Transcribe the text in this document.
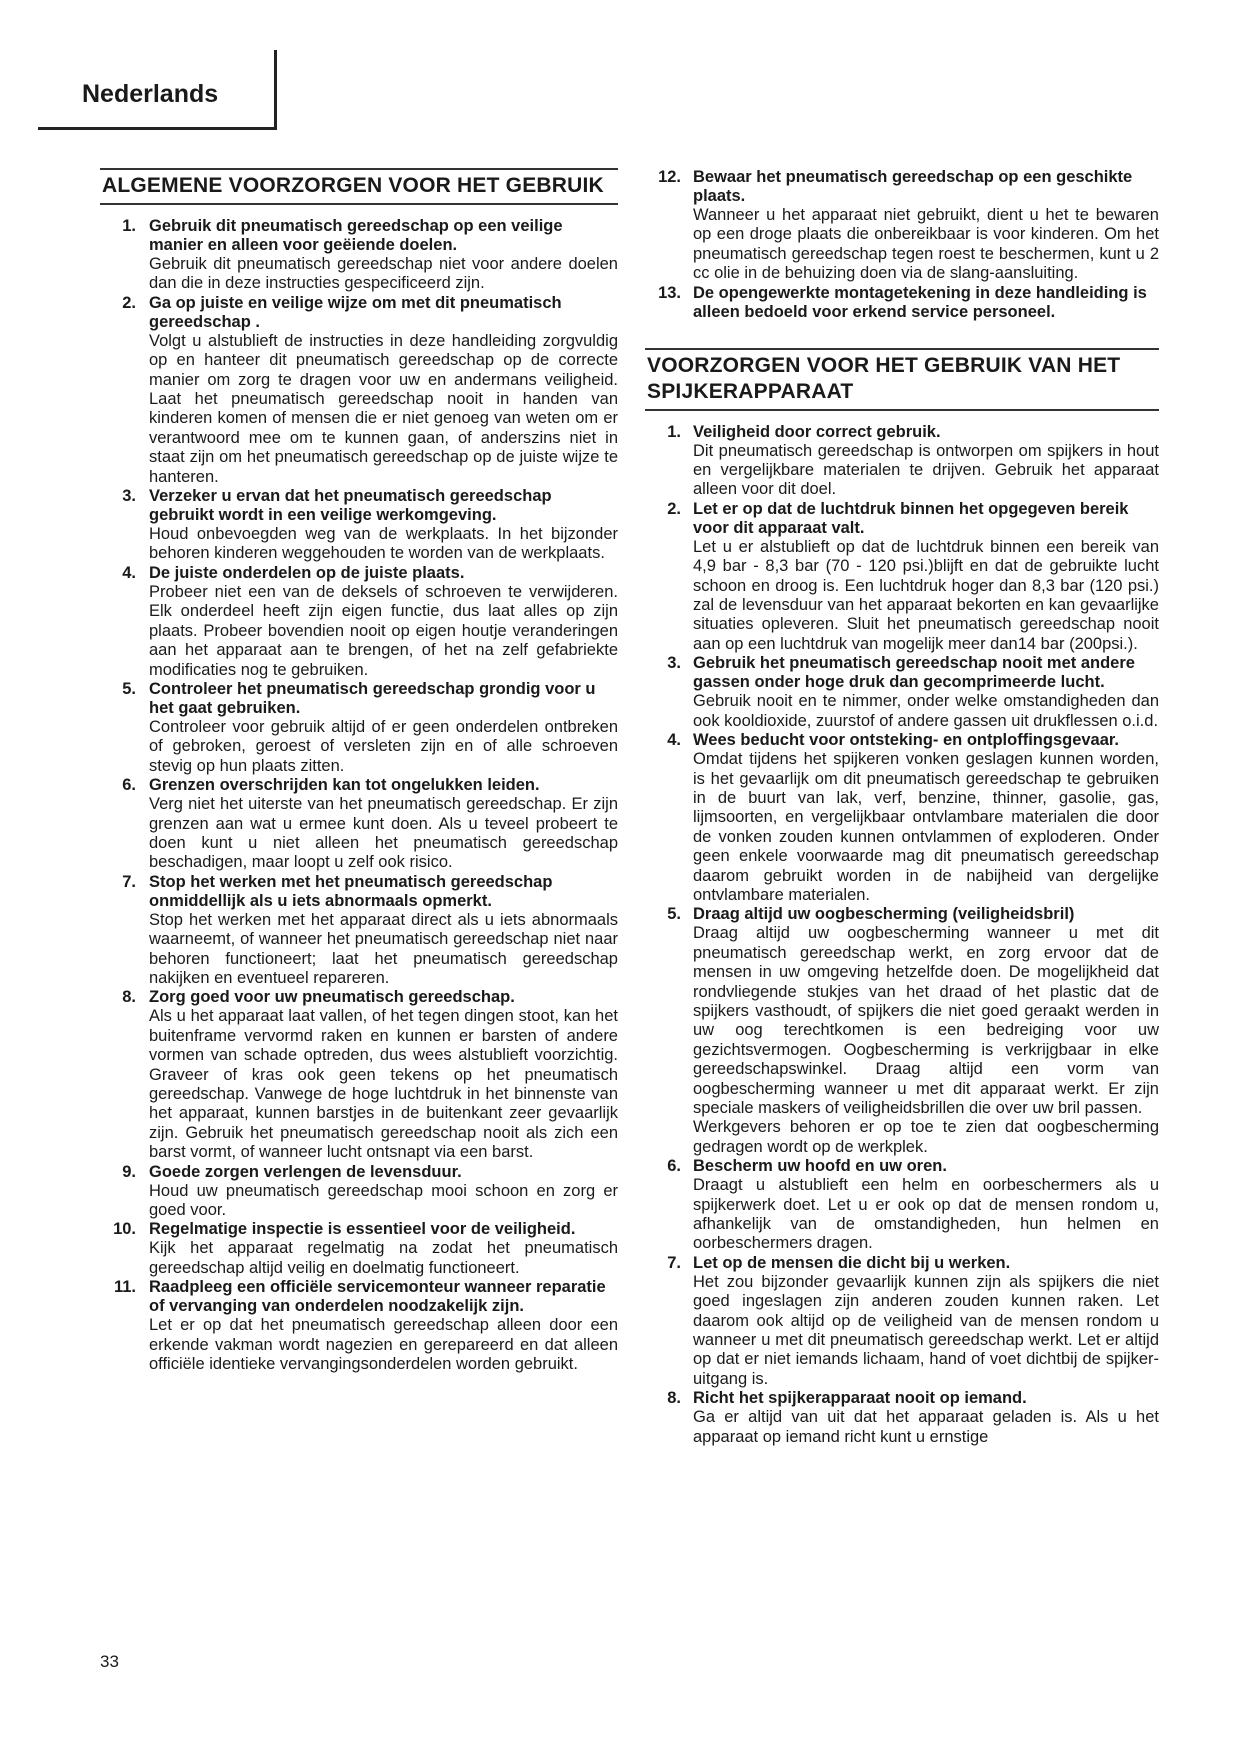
Nederlands
ALGEMENE VOORZORGEN VOOR HET GEBRUIK
1. Gebruik dit pneumatisch gereedschap op een veilige manier en alleen voor geëiende doelen.
Gebruik dit pneumatisch gereedschap niet voor andere doelen dan die in deze instructies gespecificeerd zijn.
2. Ga op juiste en veilige wijze om met dit pneumatisch gereedschap .
Volgt u alstublieft de instructies in deze handleiding zorgvuldig op en hanteer dit pneumatisch gereedschap op de correcte manier om zorg te dragen voor uw en andermans veiligheid. Laat het pneumatisch gereedschap nooit in handen van kinderen komen of mensen die er niet genoeg van weten om er verantwoord mee om te kunnen gaan, of anderszins niet in staat zijn om het pneumatisch gereedschap op de juiste wijze te hanteren.
3. Verzeker u ervan dat het pneumatisch gereedschap gebruikt wordt in een veilige werkomgeving.
Houd onbevoegden weg van de werkplaats. In het bijzonder behoren kinderen weggehouden te worden van de werkplaats.
4. De juiste onderdelen op de juiste plaats.
Probeer niet een van de deksels of schroeven te verwijderen. Elk onderdeel heeft zijn eigen functie, dus laat alles op zijn plaats. Probeer bovendien nooit op eigen houtje veranderingen aan het apparaat aan te brengen, of het na zelf gefabriekte modificaties nog te gebruiken.
5. Controleer het pneumatisch gereedschap grondig voor u het gaat gebruiken.
Controleer voor gebruik altijd of er geen onderdelen ontbreken of gebroken, geroest of versleten zijn en of alle schroeven stevig op hun plaats zitten.
6. Grenzen overschrijden kan tot ongelukken leiden.
Verg niet het uiterste van het pneumatisch gereedschap. Er zijn grenzen aan wat u ermee kunt doen. Als u teveel probeert te doen kunt u niet alleen het pneumatisch gereedschap beschadigen, maar loopt u zelf ook risico.
7. Stop het werken met het pneumatisch gereedschap onmiddellijk als u iets abnormaals opmerkt.
Stop het werken met het apparaat direct als u iets abnormaals waarneemt, of wanneer het pneumatisch gereedschap niet naar behoren functioneert; laat het pneumatisch gereedschap nakijken en eventueel repareren.
8. Zorg goed voor uw pneumatisch gereedschap.
Als u het apparaat laat vallen, of het tegen dingen stoot, kan het buitenframe vervormd raken en kunnen er barsten of andere vormen van schade optreden, dus wees alstublieft voorzichtig. Graveer of kras ook geen tekens op het pneumatisch gereedschap. Vanwege de hoge luchtdruk in het binnenste van het apparaat, kunnen barstjes in de buitenkant zeer gevaarlijk zijn. Gebruik het pneumatisch gereedschap nooit als zich een barst vormt, of wanneer lucht ontsnapt via een barst.
9. Goede zorgen verlengen de levensduur.
Houd uw pneumatisch gereedschap mooi schoon en zorg er goed voor.
10. Regelmatige inspectie is essentieel voor de veiligheid.
Kijk het apparaat regelmatig na zodat het pneumatisch gereedschap altijd veilig en doelmatig functioneert.
11. Raadpleeg een officiële servicemonteur wanneer reparatie of vervanging van onderdelen noodzakelijk zijn.
Let er op dat het pneumatisch gereedschap alleen door een erkende vakman wordt nagezien en gerepareerd en dat alleen officiële identieke vervangingsonderdelen worden gebruikt.
12. Bewaar het pneumatisch gereedschap op een geschikte plaats.
Wanneer u het apparaat niet gebruikt, dient u het te bewaren op een droge plaats die onbereikbaar is voor kinderen. Om het pneumatisch gereedschap tegen roest te beschermen, kunt u 2 cc olie in de behuizing doen via de slang-aansluiting.
13. De opengewerkte montagetekening in deze handleiding is alleen bedoeld voor erkend service personeel.
VOORZORGEN VOOR HET GEBRUIK VAN HET SPIJKERAPPARAAT
1. Veiligheid door correct gebruik.
Dit pneumatisch gereedschap is ontworpen om spijkers in hout en vergelijkbare materialen te drijven. Gebruik het apparaat alleen voor dit doel.
2. Let er op dat de luchtdruk binnen het opgegeven bereik voor dit apparaat valt.
Let u er alstublieft op dat de luchtdruk binnen een bereik van 4,9 bar - 8,3 bar (70 - 120 psi.)blijft en dat de gebruikte lucht schoon en droog is. Een luchtdruk hoger dan 8,3 bar (120 psi.) zal de levensduur van het apparaat bekorten en kan gevaarlijke situaties opleveren. Sluit het pneumatisch gereedschap nooit aan op een luchtdruk van mogelijk meer dan14 bar (200psi.).
3. Gebruik het pneumatisch gereedschap nooit met andere gassen onder hoge druk dan gecomprimeerde lucht.
Gebruik nooit en te nimmer, onder welke omstandigheden dan ook kooldioxide, zuurstof of andere gassen uit drukflessen o.i.d.
4. Wees beducht voor ontsteking- en ontploffingsgevaar.
Omdat tijdens het spijkeren vonken geslagen kunnen worden, is het gevaarlijk om dit pneumatisch gereedschap te gebruiken in de buurt van lak, verf, benzine, thinner, gasolie, gas, lijmsoorten, en vergelijkbaar ontvlambare materialen die door de vonken zouden kunnen ontvlammen of exploderen. Onder geen enkele voorwaarde mag dit pneumatisch gereedschap daarom gebruikt worden in de nabijheid van dergelijke ontvlambare materialen.
5. Draag altijd uw oogbescherming (veiligheidsbril)
Draag altijd uw oogbescherming wanneer u met dit pneumatisch gereedschap werkt, en zorg ervoor dat de mensen in uw omgeving hetzelfde doen. De mogelijkheid dat rondvliegende stukjes van het draad of het plastic dat de spijkers vasthoudt, of spijkers die niet goed geraakt werden in uw oog terechtkomen is een bedreiging voor uw gezichtsvermogen. Oogbescherming is verkrijgbaar in elke gereedschapswinkel. Draag altijd een vorm van oogbescherming wanneer u met dit apparaat werkt. Er zijn speciale maskers of veiligheidsbrillen die over uw bril passen.
Werkgevers behoren er op toe te zien dat oogbescherming gedragen wordt op de werkplek.
6. Bescherm uw hoofd en uw oren.
Draagt u alstublieft een helm en oorbeschermers als u spijkerwerk doet. Let u er ook op dat de mensen rondom u, afhankelijk van de omstandigheden, hun helmen en oorbeschermers dragen.
7. Let op de mensen die dicht bij u werken.
Het zou bijzonder gevaarlijk kunnen zijn als spijkers die niet goed ingeslagen zijn anderen zouden kunnen raken. Let daarom ook altijd op de veiligheid van de mensen rondom u wanneer u met dit pneumatisch gereedschap werkt. Let er altijd op dat er niet iemands lichaam, hand of voet dichtbij de spijker-uitgang is.
8. Richt het spijkerapparaat nooit op iemand.
Ga er altijd van uit dat het apparaat geladen is. Als u het apparaat op iemand richt kunt u ernstige
33
